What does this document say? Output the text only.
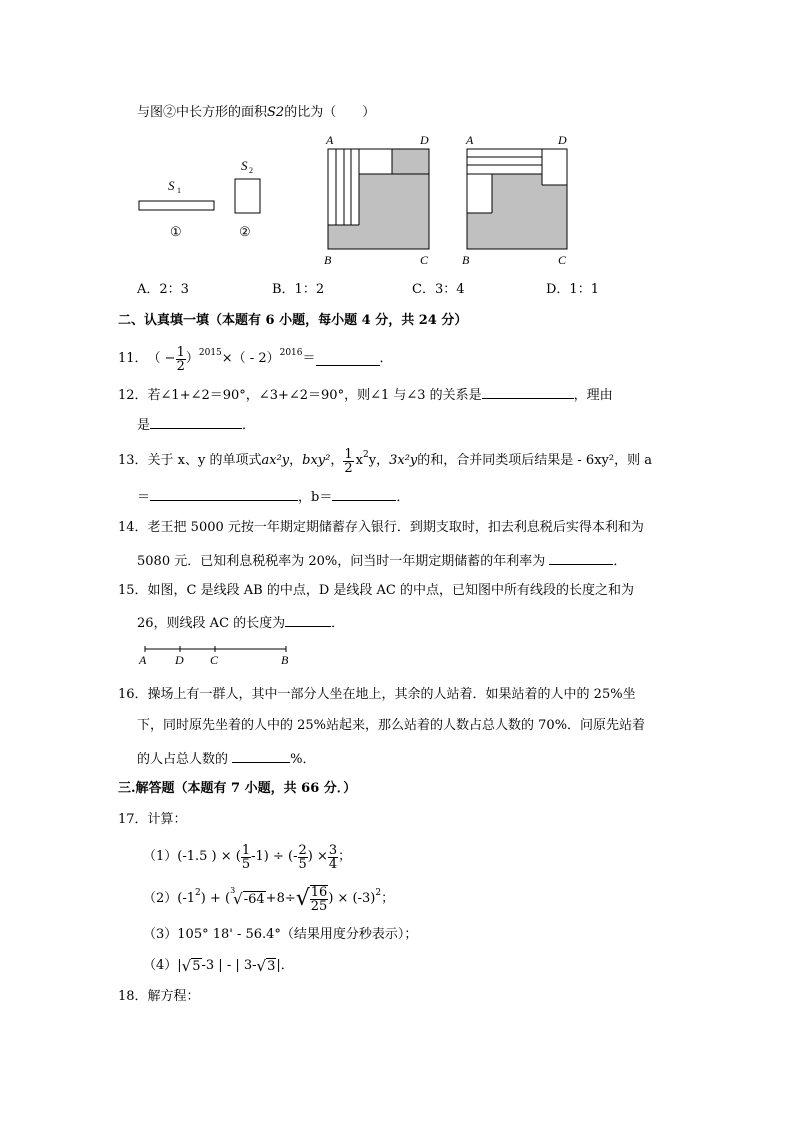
与图②中长方形的面积S2的比为（　　）
S 1
①
S 2
②
A	D
B	C
A	D
B	C
A．2：3	B．1：2	C．3：4	D．1：1
二、认真填一填（本题有 6 小题，每小题 4 分，共 24 分）
11． （ − $\frac{1}{2}$ ） 2015 ×（ - 2） 2016 ＝	．
12．若∠1+∠2＝90°，∠3+∠2＝90°，则∠1 与∠3 的关系是	，理由
是	．
13．关于 x、y 的单项式 ax²y ， bxy² ， $\frac{1}{2}$ x 2 y， 3x²y 的和，合并同类项后结果是 - 6xy²，则 a
＝	，b＝	．
14．老王把 5000 元按一年期定期储蓄存入银行．到期支取时，扣去利息税后实得本利和为
5080 元．已知利息税税率为 20%，问当时一年期定期储蓄的年利率为	．
15．如图，C 是线段 AB 的中点，D 是线段 AC 的中点，已知图中所有线段的长度之和为
26，则线段 AC 的长度为	．
A D C	B
16．操场上有一群人，其中一部分人坐在地上，其余的人站着．如果站着的人中的 25%坐
下，同时原先坐着的人中的 25%站起来，那么站着的人数占总人数的 70%．问原先站着
的人占总人数的	%．
三.解答题（本题有 7 小题，共 66 分．）
17．计算：
（1） (-1.5 ) × ( $\frac{1}{5} -1$) ÷ (- $\frac{2}{5}$ ) × $\frac{3}{4}$ ；
（2） (-1 2 ) + (
3
√ -64 +8÷ √ $\frac{16}{25}$ ) × (-3) 2 ；
（3）105° 18' - 56.4°（结果用度分秒表示）；
（4） | √ 5 -3 | - | 3- √ 3 |．
18．解方程：
